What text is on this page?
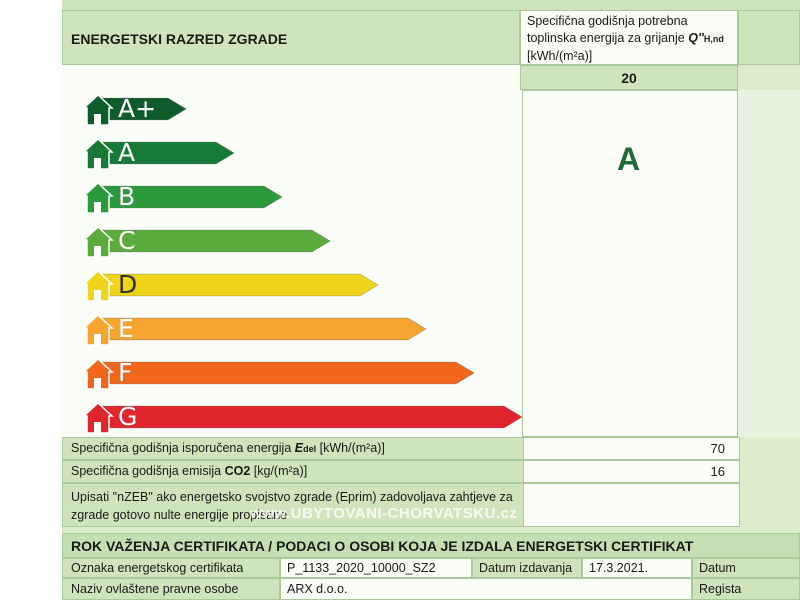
ENERGETSKI RAZRED ZGRADE
Specifična godišnja potrebna toplinska energija za grijanje Q''H,nd [kWh/(m²a)]
20
A
A+
A
B
C
D
E
F
G
Specifična godišnja isporučena energija Edel [kWh/(m²a)]	70
Specifična godišnja emisija CO2 [kg/(m²a)]	16
Upisati "nZEB" ako energetsko svojstvo zgrade (Eprim) zadovoljava zahtjeve za
zgrade gotovo nulte energije propisane
www.UBYTOVANI-CHORVATSKU.cz
ROK VAŽENJA CERTIFIKATA / PODACI O OSOBI KOJA JE IZDALA ENERGETSKI CERTIFIKAT
Oznaka energetskog certifikata	P_1133_2020_10000_SZ2	Datum izdavanja 17.3.2021.	Datum
Naziv ovlaštene pravne osobe	ARX d.o.o.	Registа
